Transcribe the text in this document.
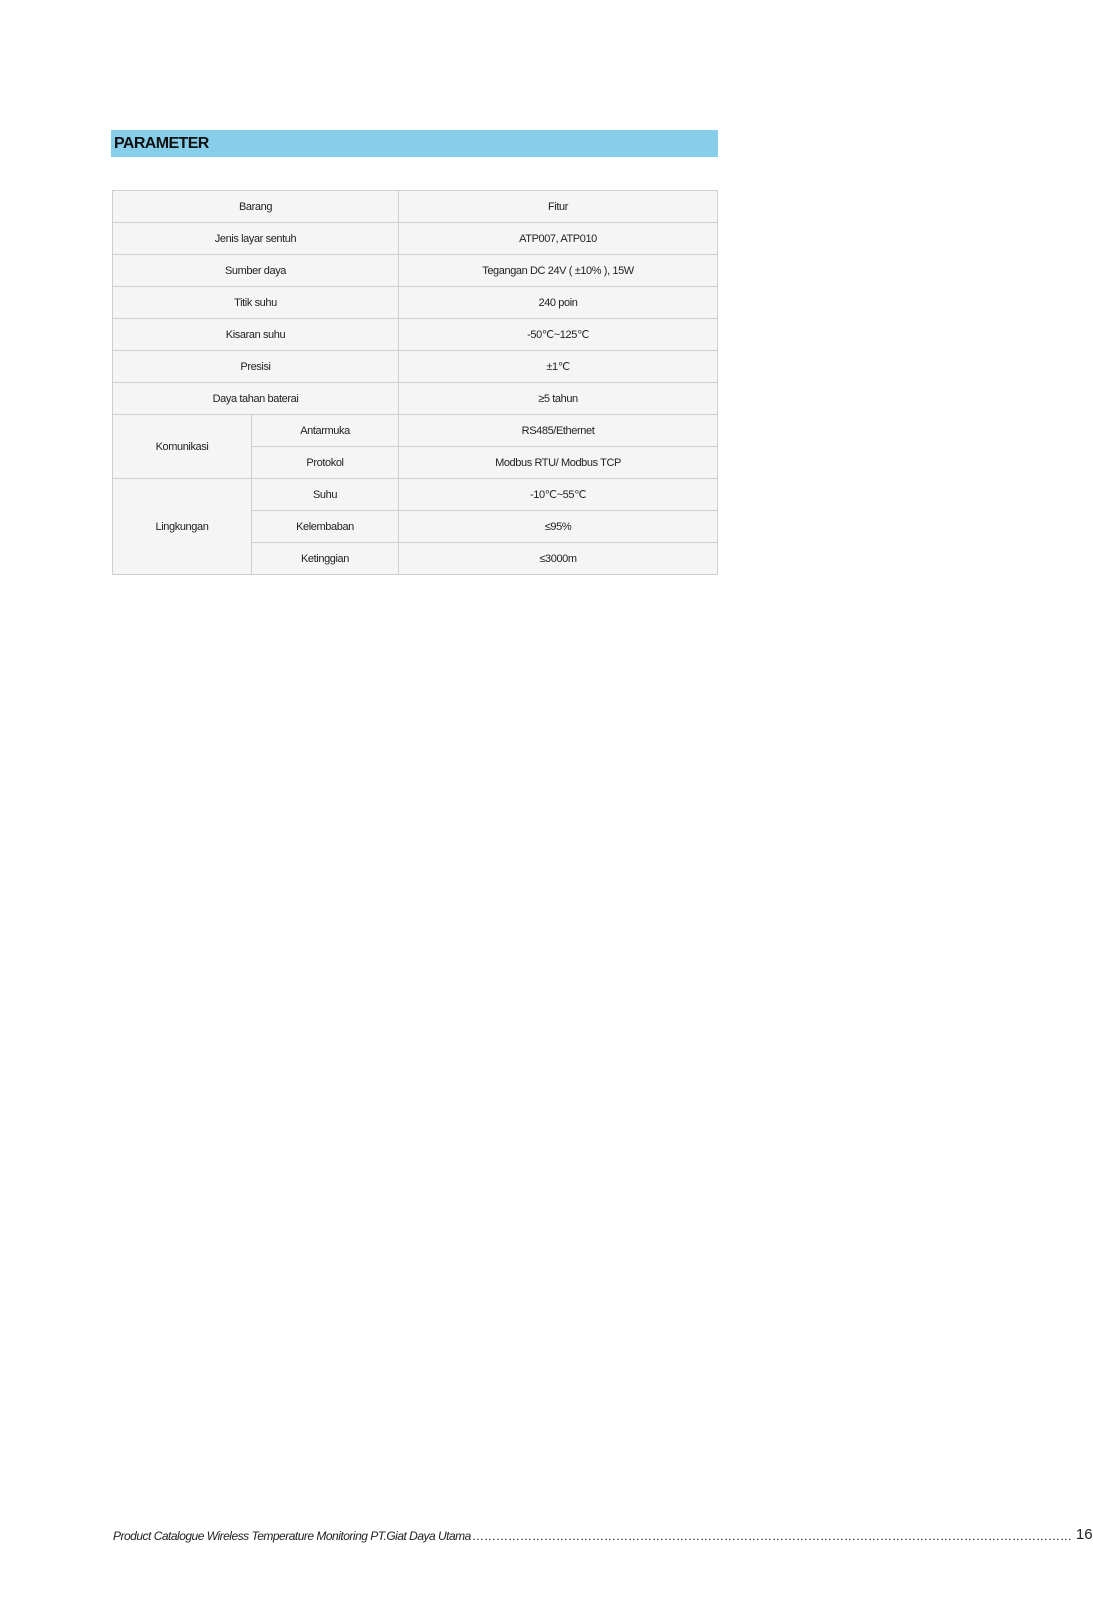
PARAMETER
Barang		Fitur
Jenis layar sentuh		ATP007, ATP010
Sumber daya		Tegangan DC 24V ( ±10% ), 15W
Titik suhu		240 poin
Kisaran suhu		-50℃~125℃
Presisi		±1℃
Daya tahan baterai		≥5 tahun
Komunikasi	Antarmuka	RS485/Ethernet
	Protokol	Modbus RTU/ Modbus TCP
Lingkungan	Suhu	-10℃~55℃
	Kelembaban	≤95%
	Ketinggian	≤3000m
Product Catalogue Wireless Temperature Monitoring PT.Giat Daya Utama …………………………………………………………………………………………………………………………………… 16
